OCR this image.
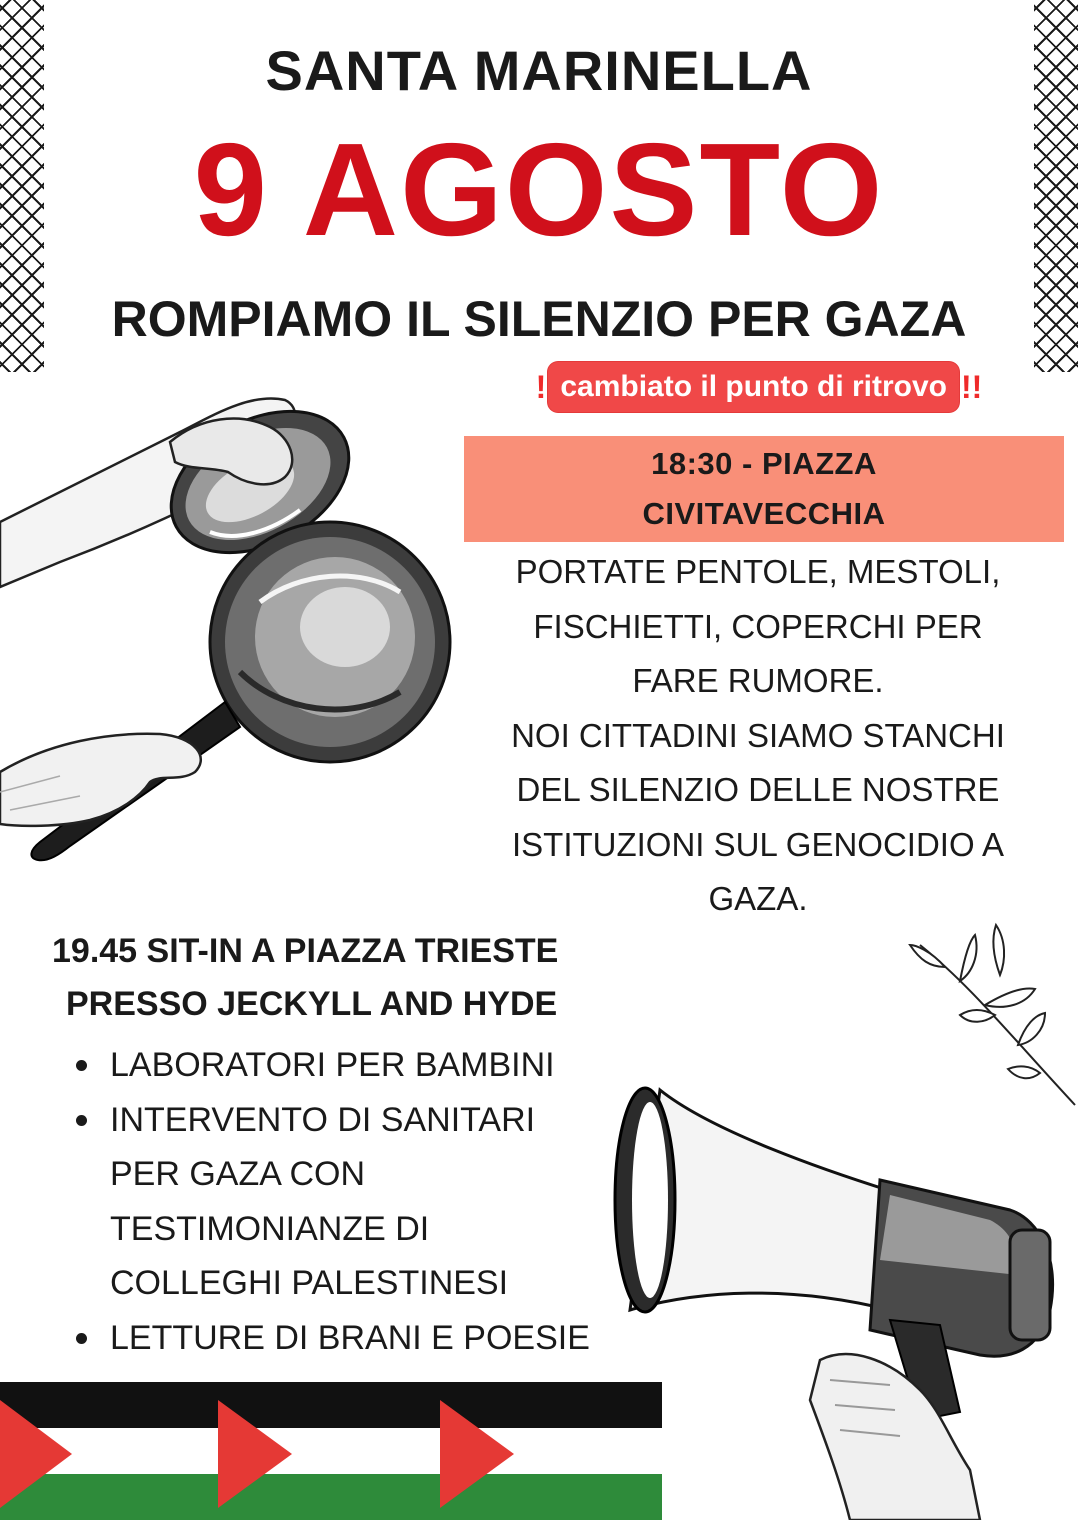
SANTA MARINELLA
9 AGOSTO
ROMPIAMO IL SILENZIO PER GAZA
! cambiato il punto di ritrovo !!
18:30 - PIAZZA
CIVITAVECCHIA
PORTATE PENTOLE, MESTOLI,
FISCHIETTI, COPERCHI PER
FARE RUMORE.
NOI CITTADINI SIAMO STANCHI
DEL SILENZIO DELLE NOSTRE
ISTITUZIONI SUL GENOCIDIO A
GAZA.
19.45 SIT-IN A PIAZZA TRIESTE
PRESSO JECKYLL AND HYDE
LABORATORI PER BAMBINI
INTERVENTO DI SANITARI
PER GAZA CON
TESTIMONIANZE DI
COLLEGHI PALESTINESI
LETTURE DI BRANI E POESIE
